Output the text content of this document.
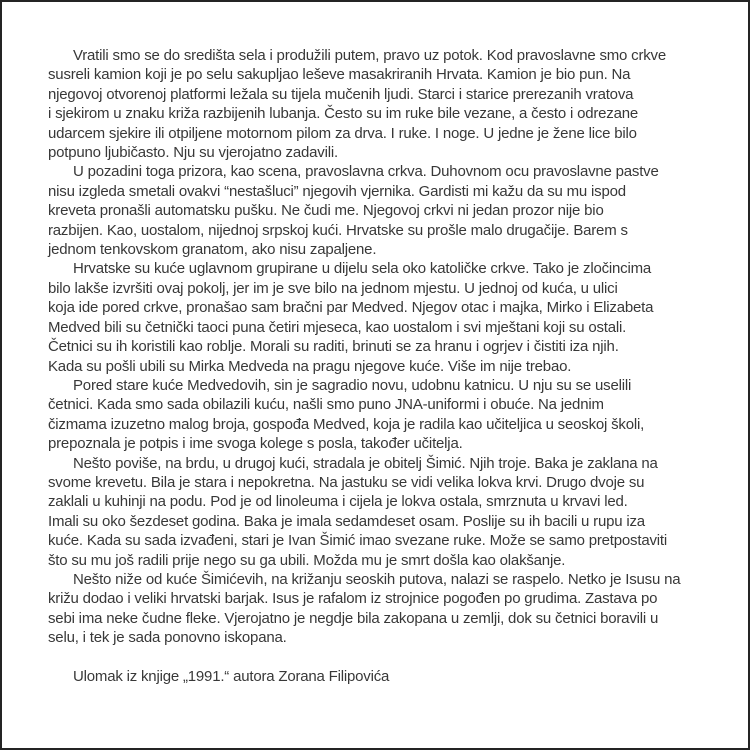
Vratili smo se do središta sela i produžili putem, pravo uz potok. Kod pravoslavne smo crkve
susreli kamion koji je po selu sakupljao leševe masakriranih Hrvata. Kamion je bio pun. Na
njegovoj otvorenoj platformi ležala su tijela mučenih ljudi. Starci i starice prerezanih vratova
i sjekirom u znaku križa razbijenih lubanja. Često su im ruke bile vezane, a često i odrezane
udarcem sjekire ili otpiljene motornom pilom za drva. I ruke. I noge. U jedne je žene lice bilo
potpuno ljubičasto. Nju su vjerojatno zadavili.

U pozadini toga prizora, kao scena, pravoslavna crkva. Duhovnom ocu pravoslavne pastve
nisu izgleda smetali ovakvi “nestašluci” njegovih vjernika. Gardisti mi kažu da su mu ispod
kreveta pronašli automatsku pušku. Ne čudi me. Njegovoj crkvi ni jedan prozor nije bio
razbijen. Kao, uostalom, nijednoj srpskoj kući. Hrvatske su prošle malo drugačije. Barem s
jednom tenkovskom granatom, ako nisu zapaljene.

Hrvatske su kuće uglavnom grupirane u dijelu sela oko katoličke crkve. Tako je zločincima
bilo lakše izvršiti ovaj pokolj, jer im je sve bilo na jednom mjestu. U jednoj od kuća, u ulici
koja ide pored crkve, pronašao sam bračni par Medved. Njegov otac i majka, Mirko i Elizabeta
Medved bili su četnički taoci puna četiri mjeseca, kao uostalom i svi mještani koji su ostali.
Četnici su ih koristili kao roblje. Morali su raditi, brinuti se za hranu i ogrjev i čistiti iza njih.
Kada su pošli ubili su Mirka Medveda na pragu njegove kuće. Više im nije trebao.

Pored stare kuće Medvedovih, sin je sagradio novu, udobnu katnicu. U nju su se uselili
četnici. Kada smo sada obilazili kuću, našli smo puno JNA-uniformi i obuće. Na jednim
čizmama izuzetno malog broja, gospođa Medved, koja je radila kao učiteljica u seoskoj školi,
prepoznala je potpis i ime svoga kolege s posla, također učitelja.

Nešto poviše, na brdu, u drugoj kući, stradala je obitelj Šimić. Njih troje. Baka je zaklana na
svome krevetu. Bila je stara i nepokretna. Na jastuku se vidi velika lokva krvi. Drugo dvoje su
zaklali u kuhinji na podu. Pod je od linoleuma i cijela je lokva ostala, smrznuta u krvavi led.
Imali su oko šezdeset godina. Baka je imala sedamdeset osam. Poslije su ih bacili u rupu iza
kuće. Kada su sada izvađeni, stari je Ivan Šimić imao svezane ruke. Može se samo pretpostaviti
što su mu još radili prije nego su ga ubili. Možda mu je smrt došla kao olakšanje.

Nešto niže od kuće Šimićevih, na križanju seoskih putova, nalazi se raspelo. Netko je Isusu na
križu dodao i veliki hrvatski barjak. Isus je rafalom iz strojnice pogođen po grudima. Zastava po
sebi ima neke čudne fleke. Vjerojatno je negdje bila zakopana u zemlji, dok su četnici boravili u
selu, i tek je sada ponovno iskopana.

Ulomak iz knjige „1991.“ autora Zorana Filipovića
